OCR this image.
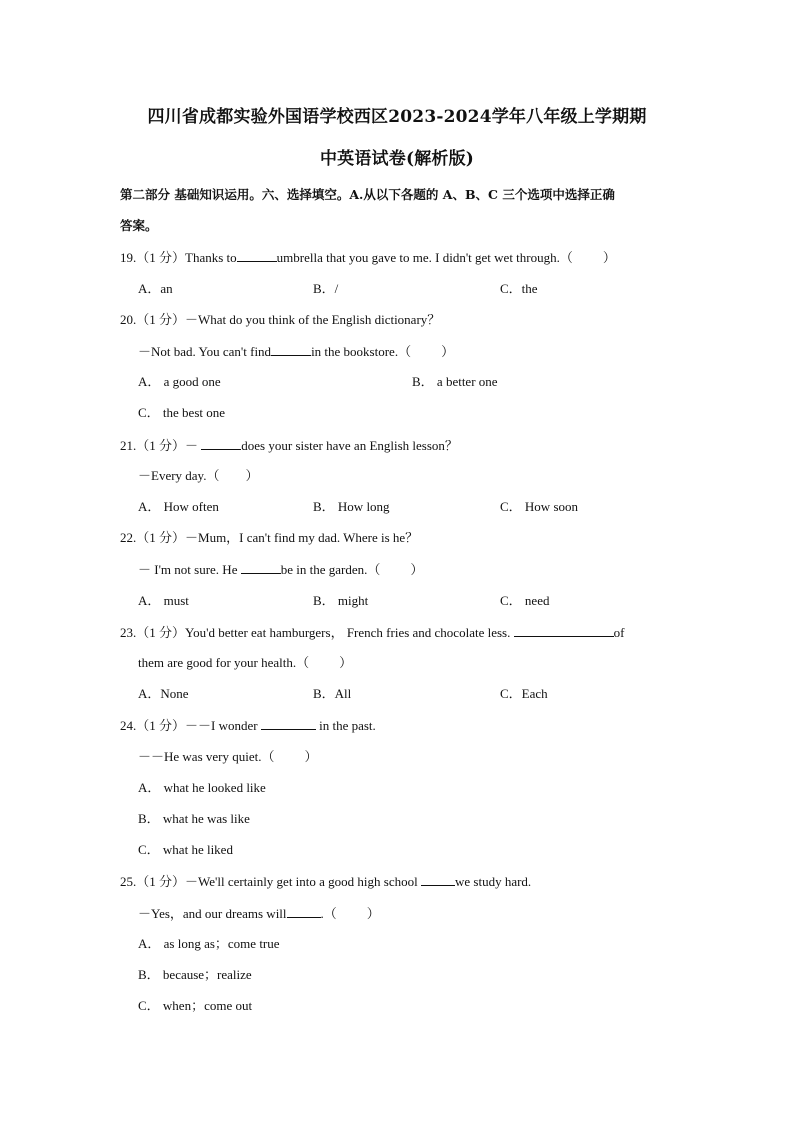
四川省成都实验外国语学校西区2023-2024学年八年级上学期期
中英语试卷(解析版)
第二部分 基础知识运用。六、选择填空。A.从以下各题的 A、B、C 三个选项中选择正确
答案。
19.（1 分）Thanks to	umbrella that you gave to me. I didn't get wet through.（ ）
A．an	B．/	C．the
20.（1 分）－What do you think of the English dictionary？
－Not bad. You can't find	in the bookstore.（ ）
A． a good one	B． a better one
C． the best one
21.（1 分）－	does your sister have an English lesson？
－Every day.（ ）
A． How often	B． How long	C． How soon
22.（1 分）－Mum，I can't find my dad. Where is he？
－ I'm not sure. He	be in the garden.（ ）
A． must	B． might	C． need
23.（1 分）You'd better eat hamburgers， French fries and chocolate less.	of
them are good for your health.（ ）
A．None	B．All	C．Each
24.（1 分）－－I wonder	in the past.
－－He was very quiet.（ ）
A． what he looked like
B． what he was like
C． what he liked
25.（1 分）－We'll certainly get into a good high school	we study hard.
－Yes，and our dreams will	.（ ）
A． as long as；come true
B． because；realize
C． when；come out
